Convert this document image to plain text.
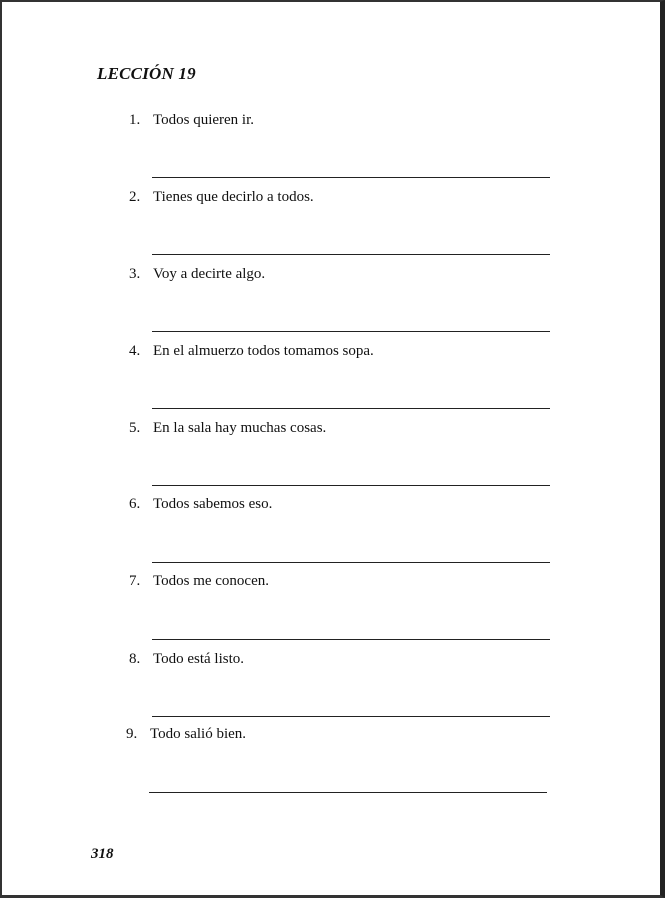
LECCIÓN 19
1. Todos quieren ir.
2. Tienes que decirlo a todos.
3. Voy a decirte algo.
4. En el almuerzo todos tomamos sopa.
5. En la sala hay muchas cosas.
6. Todos sabemos eso.
7. Todos me conocen.
8. Todo está listo.
9. Todo salió bien.
318
